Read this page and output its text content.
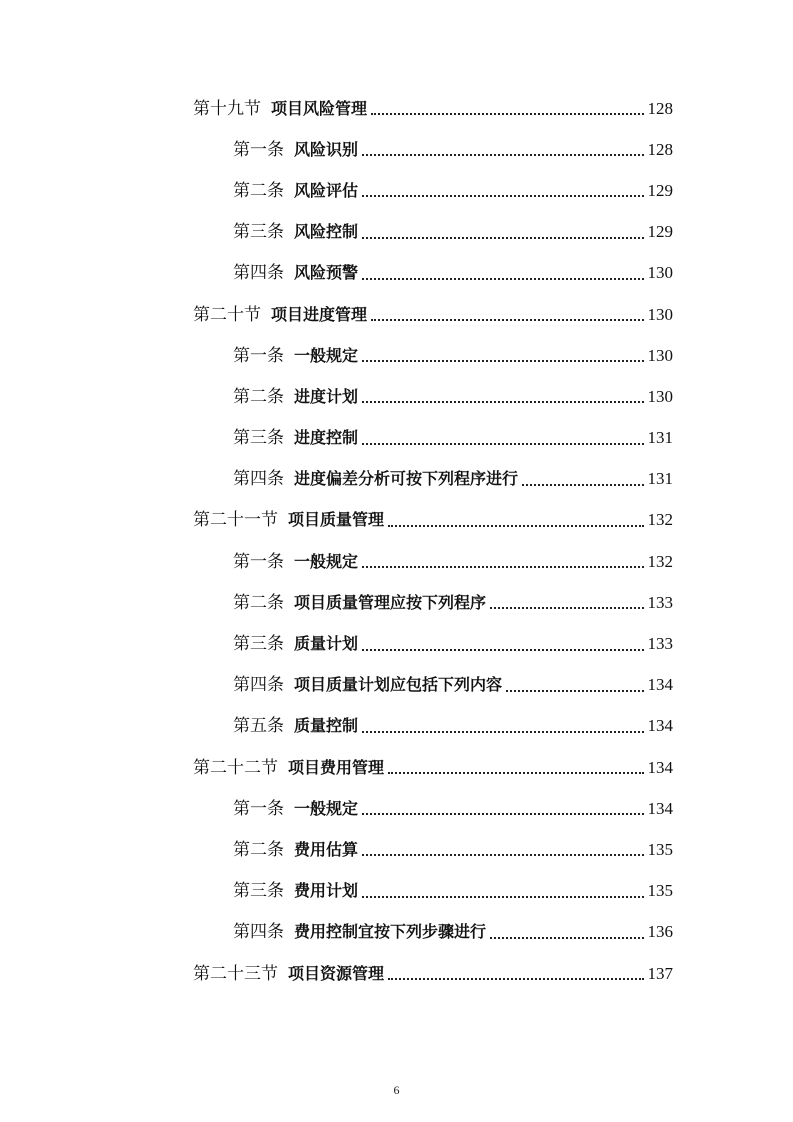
第十九节 项目风险管理	128
第一条 风险识别	128
第二条 风险评估	129
第三条 风险控制	129
第四条 风险预警	130
第二十节 项目进度管理	130
第一条 一般规定	130
第二条 进度计划	130
第三条 进度控制	131
第四条 进度偏差分析可按下列程序进行	131
第二十一节 项目质量管理	132
第一条 一般规定	132
第二条 项目质量管理应按下列程序	133
第三条 质量计划	133
第四条 项目质量计划应包括下列内容	134
第五条 质量控制	134
第二十二节 项目费用管理	134
第一条 一般规定	134
第二条 费用估算	135
第三条 费用计划	135
第四条 费用控制宜按下列步骤进行	136
第二十三节 项目资源管理	137
6
